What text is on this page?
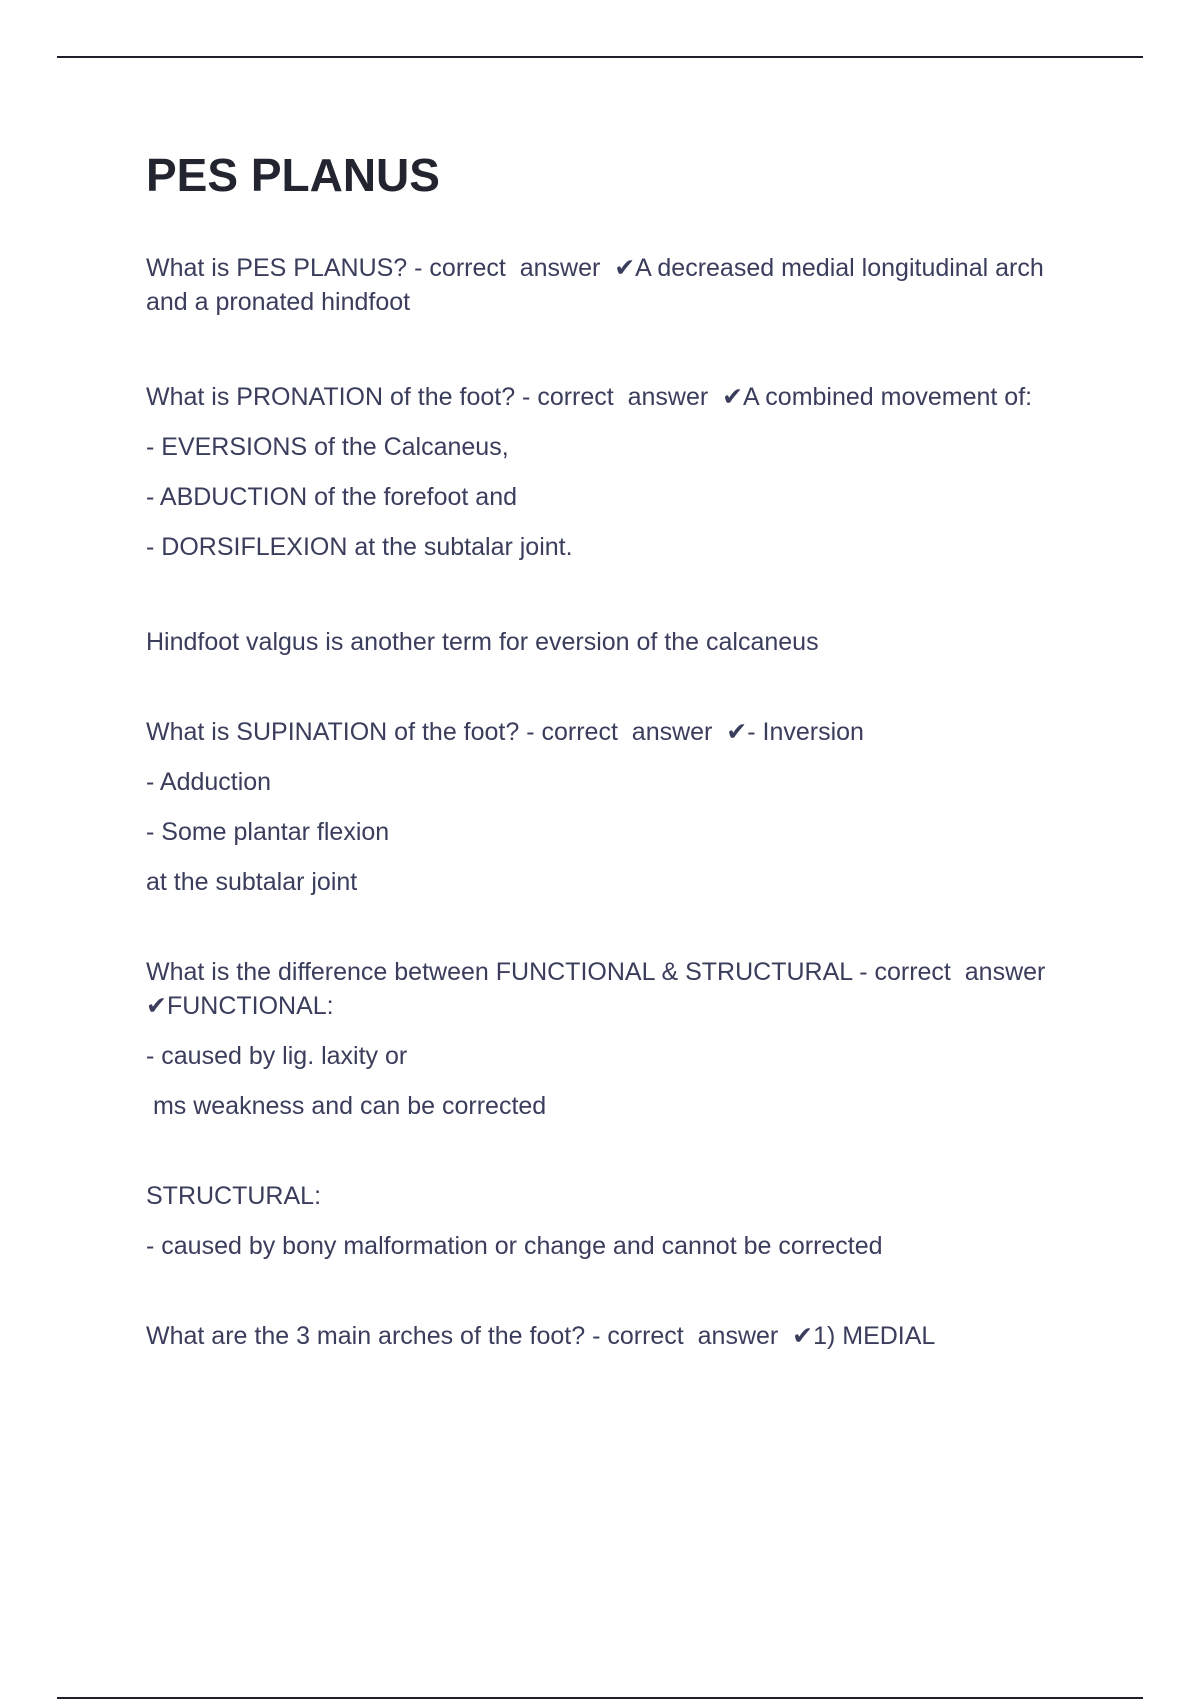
PES PLANUS

What is PES PLANUS? - correct  answer  ✔A decreased medial longitudinal arch and a pronated hindfoot

What is PRONATION of the foot? - correct  answer  ✔A combined movement of:

- EVERSIONS of the Calcaneus,

- ABDUCTION of the forefoot and

- DORSIFLEXION at the subtalar joint.

Hindfoot valgus is another term for eversion of the calcaneus

What is SUPINATION of the foot? - correct  answer  ✔- Inversion

- Adduction

- Some plantar flexion

at the subtalar joint

What is the difference between FUNCTIONAL & STRUCTURAL - correct  answer  ✔FUNCTIONAL:

- caused by lig. laxity or

ms weakness and can be corrected

STRUCTURAL:

- caused by bony malformation or change and cannot be corrected

What are the 3 main arches of the foot? - correct  answer  ✔1) MEDIAL
